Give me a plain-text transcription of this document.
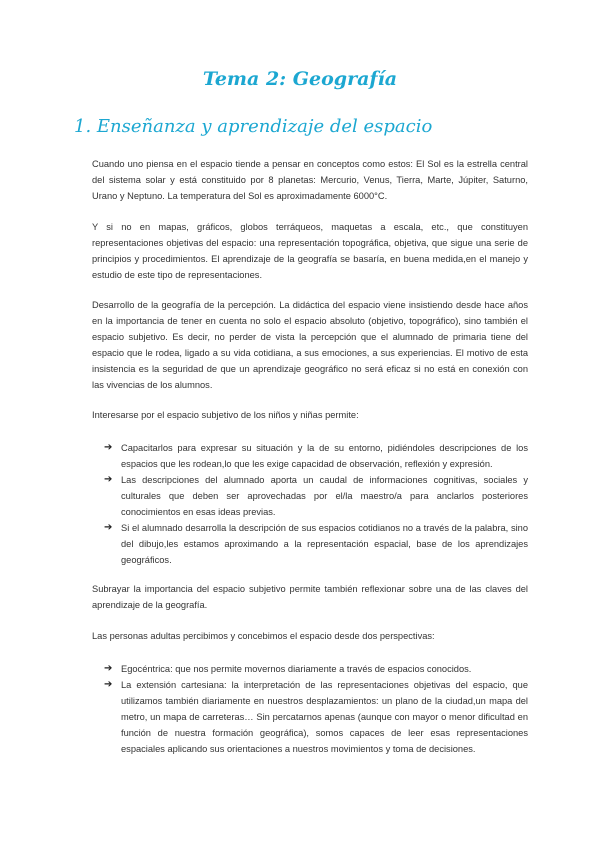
Tema 2: Geografía
1. Enseñanza y aprendizaje del espacio

Cuando uno piensa en el espacio tiende a pensar en conceptos como estos: El Sol es la estrella central del sistema solar y está constituido por 8 planetas: Mercurio, Venus, Tierra, Marte, Júpiter, Saturno, Urano y Neptuno. La temperatura del Sol es aproximadamente 6000°C.

Y si no en mapas, gráficos, globos terráqueos, maquetas a escala, etc., que constituyen representaciones objetivas del espacio: una representación topográfica, objetiva, que sigue una serie de principios y procedimientos. El aprendizaje de la geografía se basaría, en buena medida,en el manejo y estudio de este tipo de representaciones.

Desarrollo de la geografía de la percepción. La didáctica del espacio viene insistiendo desde hace años en la importancia de tener en cuenta no solo el espacio absoluto (objetivo, topográfico), sino también el espacio subjetivo. Es decir, no perder de vista la percepción que el alumnado de primaria tiene del espacio que le rodea, ligado a su vida cotidiana, a sus emociones, a sus experiencias. El motivo de esta insistencia es la seguridad de que un aprendizaje geográfico no será eficaz si no está en conexión con las vivencias de los alumnos.

Interesarse por el espacio subjetivo de los niños y niñas permite:

➔ Capacitarlos para expresar su situación y la de su entorno, pidiéndoles descripciones de los espacios que les rodean,lo que les exige capacidad de observación, reflexión y expresión.
➔ Las descripciones del alumnado aporta un caudal de informaciones cognitivas, sociales y culturales que deben ser aprovechadas por el/la maestro/a para anclarlos posteriores conocimientos en esas ideas previas.
➔ Si el alumnado desarrolla la descripción de sus espacios cotidianos no a través de la palabra, sino del dibujo,les estamos aproximando a la representación espacial, base de los aprendizajes geográficos.

Subrayar la importancia del espacio subjetivo permite también reflexionar sobre una de las claves del aprendizaje de la geografía.

Las personas adultas percibimos y concebimos el espacio desde dos perspectivas:

➔ Egocéntrica: que nos permite movernos diariamente a través de espacios conocidos.
➔ La extensión cartesiana: la interpretación de las representaciones objetivas del espacio, que utilizamos también diariamente en nuestros desplazamientos: un plano de la ciudad,un mapa del metro, un mapa de carreteras… Sin percatarnos apenas (aunque con mayor o menor dificultad en función de nuestra formación geográfica), somos capaces de leer esas representaciones espaciales aplicando sus orientaciones a nuestros movimientos y toma de decisiones.
